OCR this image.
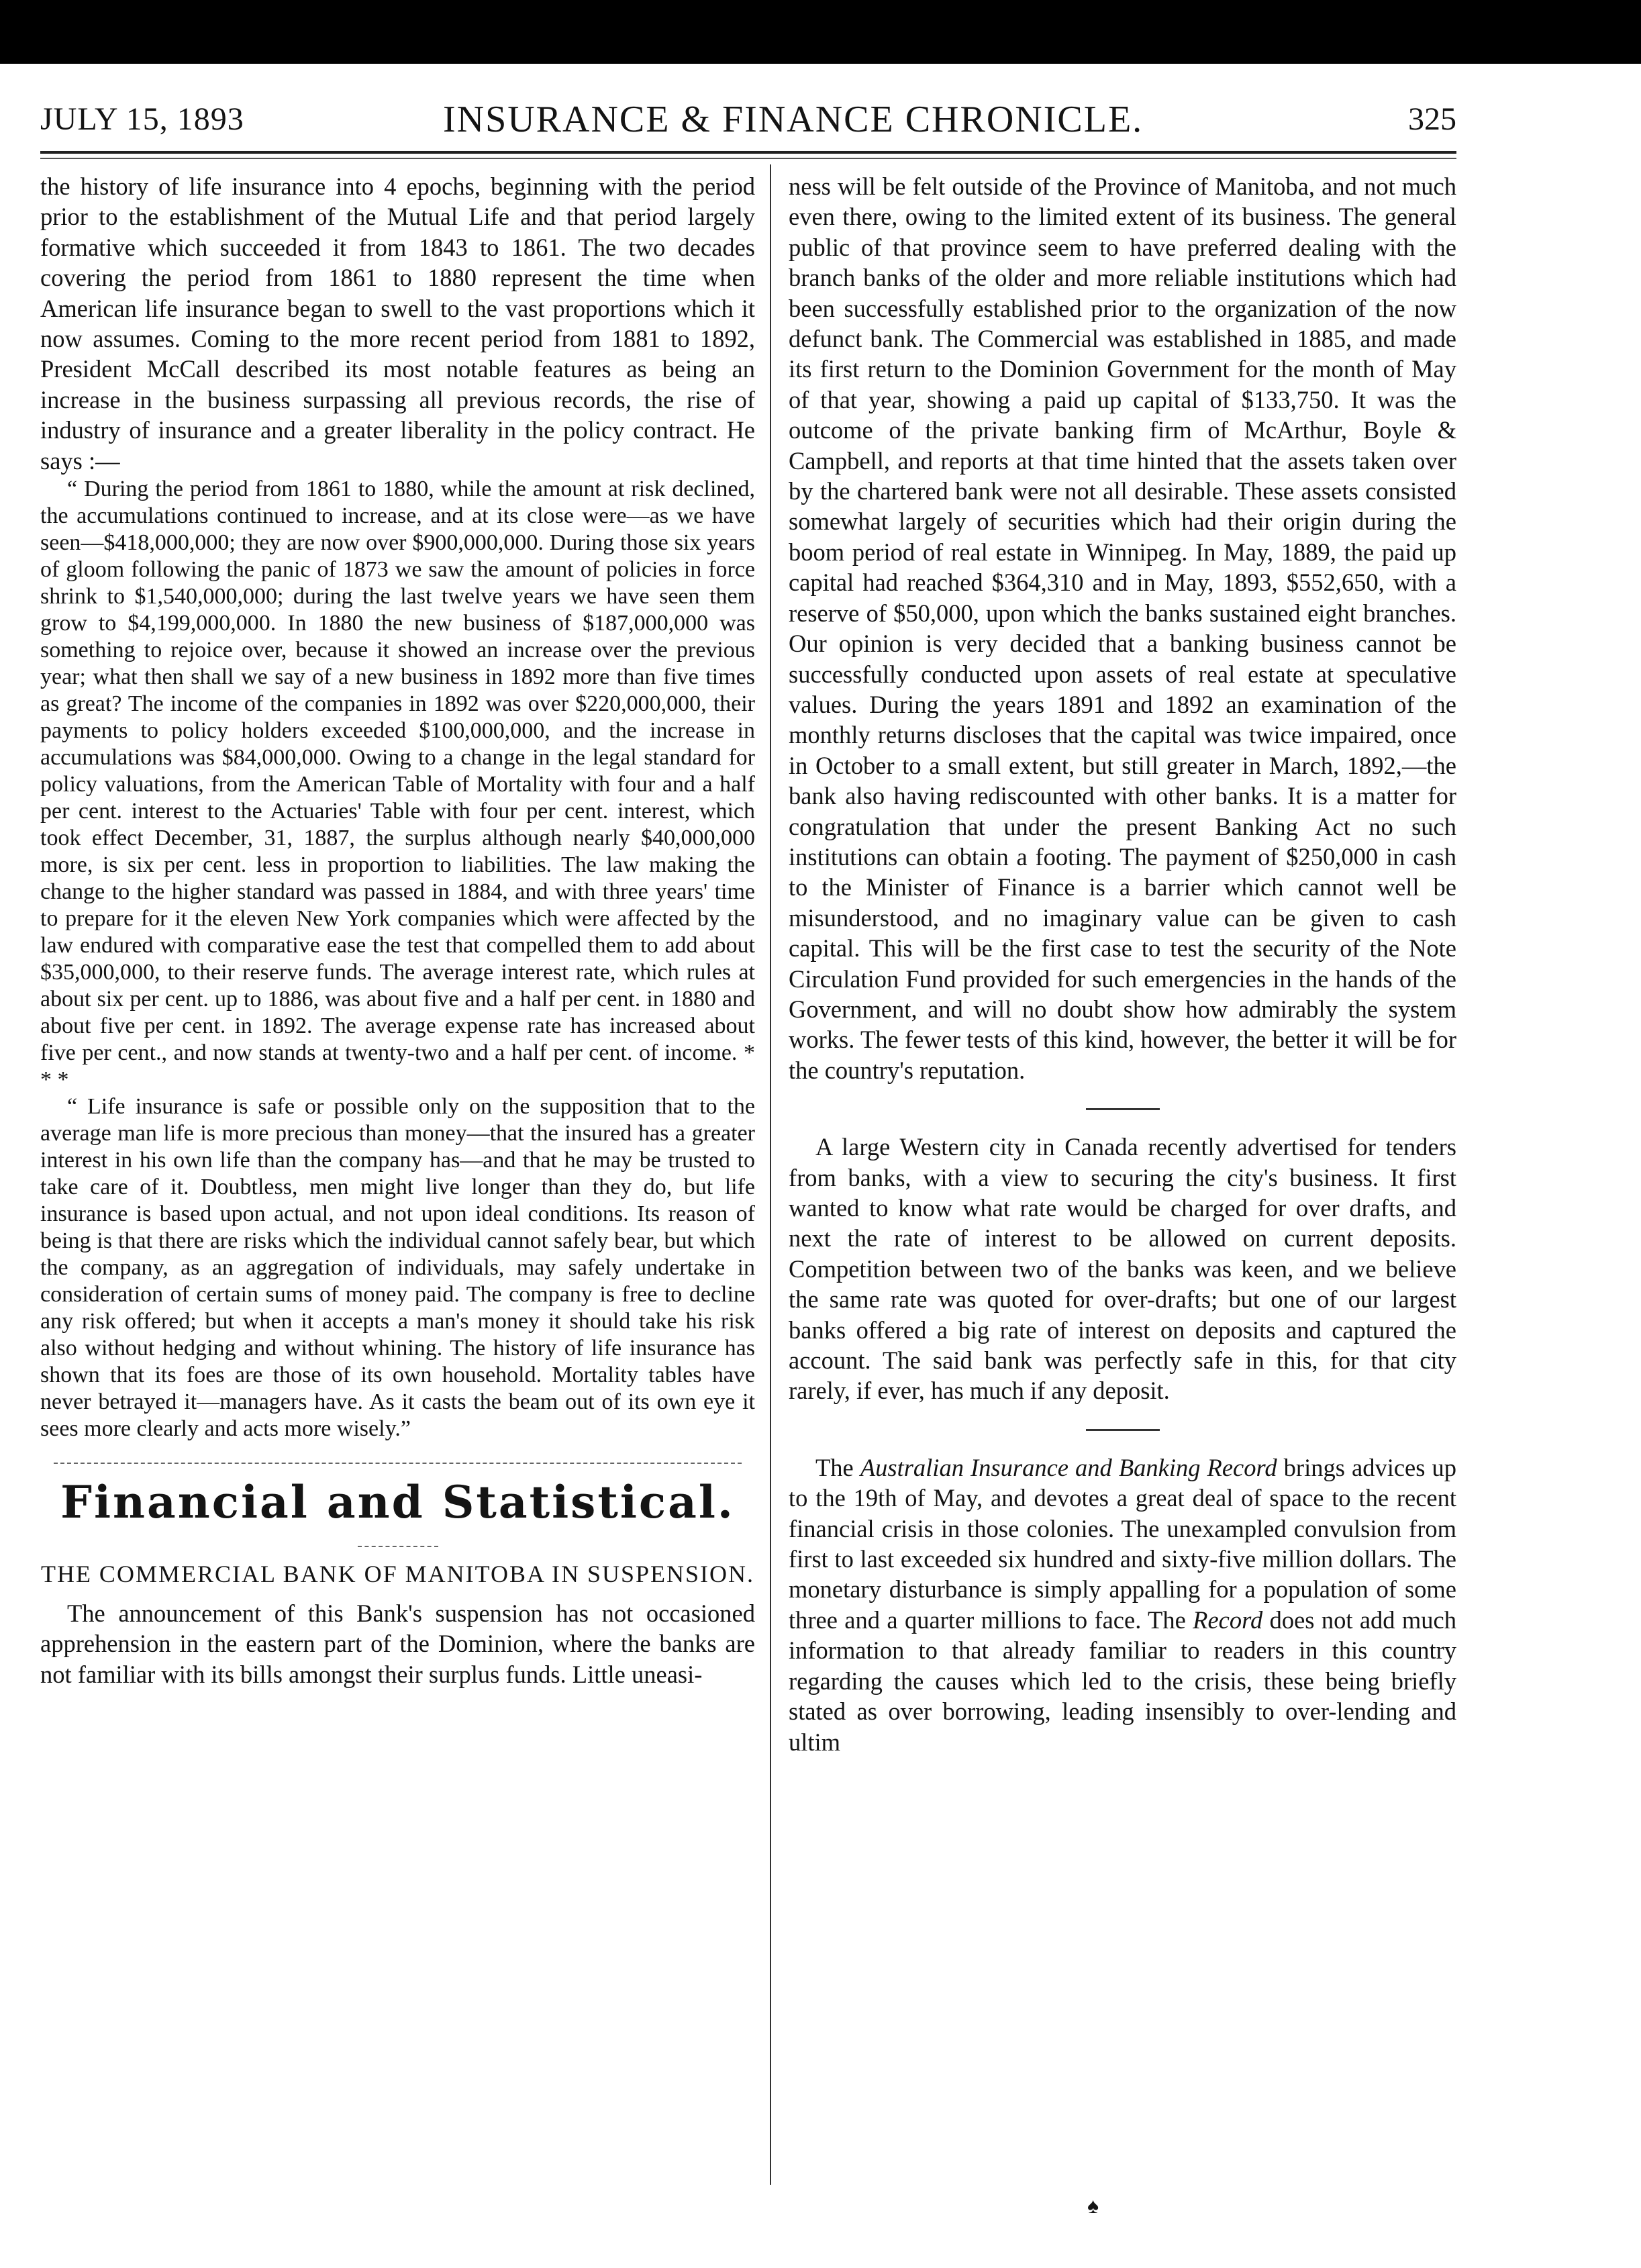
JULY 15, 1893	INSURANCE & FINANCE CHRONICLE.	325

the history of life insurance into 4 epochs, beginning with the period prior to the establishment of the Mutual Life and that period largely formative which succeeded it from 1843 to 1861. The two decades covering the period from 1861 to 1880 represent the time when American life insurance began to swell to the vast proportions which it now assumes. Coming to the more recent period from 1881 to 1892, President McCall described its most notable features as being an increase in the business surpassing all previous records, the rise of industry of insurance and a greater liberality in the policy contract. He says :—

“ During the period from 1861 to 1880, while the amount at risk declined, the accumulations continued to increase, and at its close were—as we have seen—$418,000,000; they are now over $900,000,000. During those six years of gloom following the panic of 1873 we saw the amount of policies in force shrink to $1,540,000,000; during the last twelve years we have seen them grow to $4,199,000,000. In 1880 the new business of $187,000,000 was something to rejoice over, because it showed an increase over the previous year; what then shall we say of a new business in 1892 more than five times as great? The income of the companies in 1892 was over $220,000,000, their payments to policy holders exceeded $100,000,000, and the increase in accumulations was $84,000,000. Owing to a change in the legal standard for policy valuations, from the American Table of Mortality with four and a half per cent. interest to the Actuaries' Table with four per cent. interest, which took effect December, 31, 1887, the surplus although nearly $40,000,000 more, is six per cent. less in proportion to liabilities. The law making the change to the higher standard was passed in 1884, and with three years' time to prepare for it the eleven New York companies which were affected by the law endured with comparative ease the test that compelled them to add about $35,000,000, to their reserve funds. The average interest rate, which rules at about six per cent. up to 1886, was about five and a half per cent. in 1880 and about five per cent. in 1892. The average expense rate has increased about five per cent., and now stands at twenty-two and a half per cent. of income. * * *

“ Life insurance is safe or possible only on the supposition that to the average man life is more precious than money—that the insured has a greater interest in his own life than the company has—and that he may be trusted to take care of it. Doubtless, men might live longer than they do, but life insurance is based upon actual, and not upon ideal conditions. Its reason of being is that there are risks which the individual cannot safely bear, but which the company, as an aggregation of individuals, may safely undertake in consideration of certain sums of money paid. The company is free to decline any risk offered; but when it accepts a man's money it should take his risk also without hedging and without whining. The history of life insurance has shown that its foes are those of its own household. Mortality tables have never betrayed it—managers have. As it casts the beam out of its own eye it sees more clearly and acts more wisely.”

Financial and Statistical.
THE COMMERCIAL BANK OF MANITOBA IN SUSPENSION.

The announcement of this Bank's suspension has not occasioned apprehension in the eastern part of the Dominion, where the banks are not familiar with its bills amongst their surplus funds. Little uneasi-

ness will be felt outside of the Province of Manitoba, and not much even there, owing to the limited extent of its business. The general public of that province seem to have preferred dealing with the branch banks of the older and more reliable institutions which had been successfully established prior to the organization of the now defunct bank. The Commercial was established in 1885, and made its first return to the Dominion Government for the month of May of that year, showing a paid up capital of $133,750. It was the outcome of the private banking firm of McArthur, Boyle & Campbell, and reports at that time hinted that the assets taken over by the chartered bank were not all desirable. These assets consisted somewhat largely of securities which had their origin during the boom period of real estate in Winnipeg. In May, 1889, the paid up capital had reached $364,310 and in May, 1893, $552,650, with a reserve of $50,000, upon which the banks sustained eight branches. Our opinion is very decided that a banking business cannot be successfully conducted upon assets of real estate at speculative values. During the years 1891 and 1892 an examination of the monthly returns discloses that the capital was twice impaired, once in October to a small extent, but still greater in March, 1892,—the bank also having rediscounted with other banks. It is a matter for congratulation that under the present Banking Act no such institutions can obtain a footing. The payment of $250,000 in cash to the Minister of Finance is a barrier which cannot well be misunderstood, and no imaginary value can be given to cash capital. This will be the first case to test the security of the Note Circulation Fund provided for such emergencies in the hands of the Government, and will no doubt show how admirably the system works. The fewer tests of this kind, however, the better it will be for the country's reputation.

A large Western city in Canada recently advertised for tenders from banks, with a view to securing the city's business. It first wanted to know what rate would be charged for over drafts, and next the rate of interest to be allowed on current deposits. Competition between two of the banks was keen, and we believe the same rate was quoted for over-drafts; but one of our largest banks offered a big rate of interest on deposits and captured the account. The said bank was perfectly safe in this, for that city rarely, if ever, has much if any deposit.

The Australian Insurance and Banking Record brings advices up to the 19th of May, and devotes a great deal of space to the recent financial crisis in those colonies. The unexampled convulsion from first to last exceeded six hundred and sixty-five million dollars. The monetary disturbance is simply appalling for a population of some three and a quarter millions to face. The Record does not add much information to that already familiar to readers in this country regarding the causes which led to the crisis, these being briefly stated as over borrowing, leading insensibly to over-lending and ultim

♠
